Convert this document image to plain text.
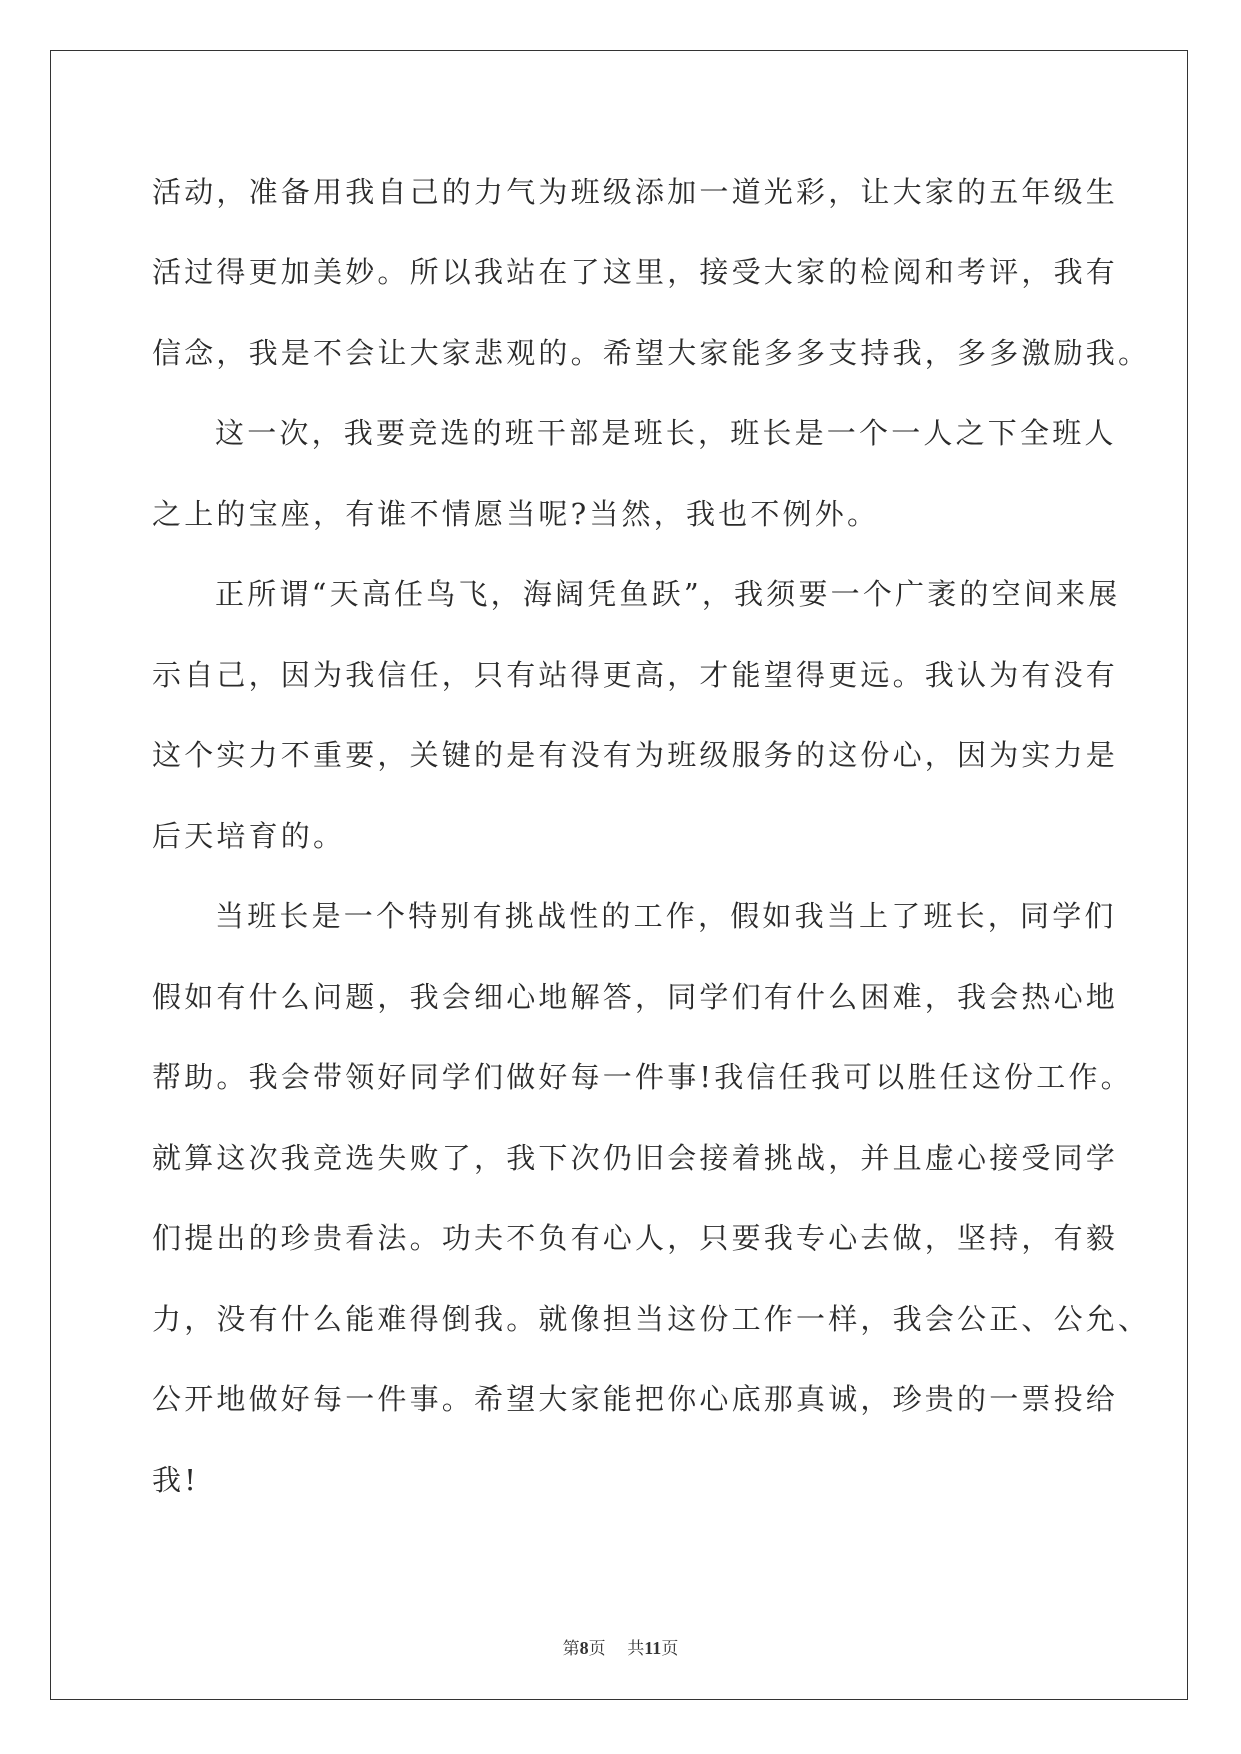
活动，准备用我自己的力气为班级添加一道光彩，让大家的五年级生
活过得更加美妙。所以我站在了这里，接受大家的检阅和考评，我有
信念，我是不会让大家悲观的。希望大家能多多支持我，多多激励我。
这一次，我要竞选的班干部是班长，班长是一个一人之下全班人
之上的宝座，有谁不情愿当呢?当然，我也不例外。
正所谓“天高任鸟飞，海阔凭鱼跃”，我须要一个广袤的空间来展
示自己，因为我信任，只有站得更高，才能望得更远。我认为有没有
这个实力不重要，关键的是有没有为班级服务的这份心，因为实力是
后天培育的。
当班长是一个特别有挑战性的工作，假如我当上了班长，同学们
假如有什么问题，我会细心地解答，同学们有什么困难，我会热心地
帮助。我会带领好同学们做好每一件事!我信任我可以胜任这份工作。
就算这次我竞选失败了，我下次仍旧会接着挑战，并且虚心接受同学
们提出的珍贵看法。功夫不负有心人，只要我专心去做，坚持，有毅
力，没有什么能难得倒我。就像担当这份工作一样，我会公正、公允、
公开地做好每一件事。希望大家能把你心底那真诚，珍贵的一票投给
我!
第8页 共11页
